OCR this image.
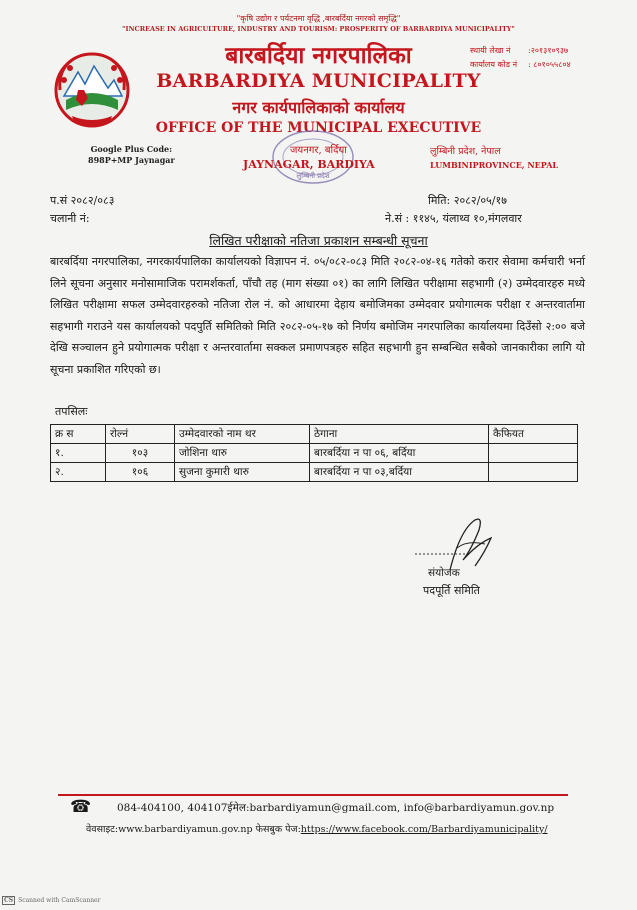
"कृषि उद्योग र पर्यटनमा वृद्धि ,बारबर्दिया नगरको समृद्धि"
"INCREASE IN AGRICULTURE, INDUSTRY AND TOURISM: PROSPERITY OF BARBARDIYA MUNICIPALITY"
बारबर्दिया नगरपालिका
BARBARDIYA MUNICIPALITY
नगर कार्यपालिकाको कार्यालय
OFFICE OF THE MUNICIPAL EXECUTIVE
लुम्बिनी प्रदेश
जयनगर, बर्दिया
JAYNAGAR, BARDIYA
स्थायी लेखा नं :२०१३१०९३७
कार्यालय कोड नं : ८०१०५५८०४
Google Plus Code:
898P+MP Jaynagar
लुम्बिनी प्रदेश, नेपाल
LUMBINIPROVINCE, NEPAL
प.सं २०८२/०८३
चलानी नं:
मिति: २०८२/०५/१७
ने.सं : ११४५, यंलाथ्व १०,मंगलवार
लिखित परीक्षाको नतिजा प्रकाशन सम्बन्धी सूचना
बारबर्दिया नगरपालिका, नगरकार्यपालिका कार्यालयको विज्ञापन नं. ०५/०८२-०८३ मिति २०८२-०४-१६ गतेको करार सेवामा कर्मचारी भर्ना लिने सूचना अनुसार मनोसामाजिक परामर्शकर्ता, पाँचौ तह (माग संख्या ०१) का लागि लिखित परीक्षामा सहभागी (२) उम्मेदवारहरु मध्ये लिखित परीक्षामा सफल उम्मेदवारहरुको नतिजा रोल नं. को आधारमा देहाय बमोजिमका उम्मेदवार प्रयोगात्मक परीक्षा र अन्तरवार्तामा सहभागी गराउने यस कार्यालयको पदपुर्ति समितिको मिति २०८२-०५-१७ को निर्णय बमोजिम नगरपालिका कार्यालयमा दिउँसो २:०० बजे देखि सञ्चालन हुने प्रयोगात्मक परीक्षा र अन्तरवार्तामा सक्कल प्रमाणपत्रहरु सहित सहभागी हुन सम्बन्धित सबैको जानकारीका लागि यो सूचना प्रकाशित गरिएको छ।
तपसिलः
क्र स	रोल्नं	उम्मेदवारको नाम थर	ठेगाना	कैफियत
१.	१०३	जोशिना थारु	बारबर्दिया न पा ०६, बर्दिया	
२.	१०६	सुजना कुमारी थारु	बारबर्दिया न पा ०३,बर्दिया	
संयोजक
पदपूर्ति समिति
☎ 084-404100, 404107ईमेल:barbardiyamun@gmail.com, info@barbardiyamun.gov.np
वेवसाइट:www.barbardiyamun.gov.np फेसबुक पेज:https://www.facebook.com/Barbardiyamunicipality/
CS Scanned with CamScanner
